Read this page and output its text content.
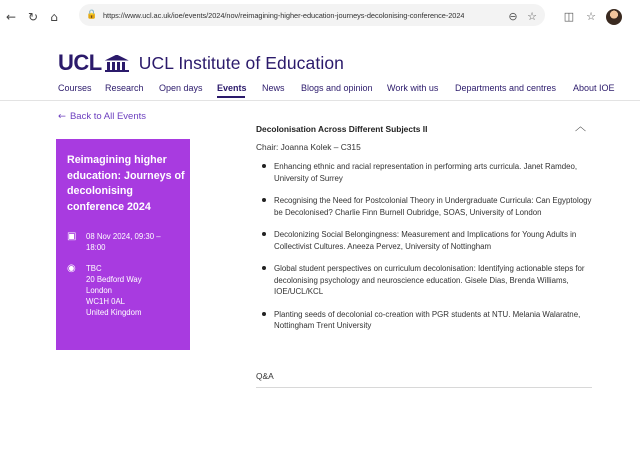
← ↻ ⌂	🔒 https://www.ucl.ac.uk/ioe/events/2024/nov/reimagining-higher-education-journeys-decolonising-conference-2024	⊖ ☆ ◫ ☆
UCL UCL Institute of Education
Courses Research Open days Events News Blogs and opinion Work with us Departments and centres About IOE
← Back to All Events
Reimagining higher education: Journeys of decolonising conference 2024
▣	08 Nov 2024, 09:30 – 18:00
◉	TBC
20 Bedford Way
London
WC1H 0AL
United Kingdom
Decolonisation Across Different Subjects II	︿
Chair: Joanna Kolek – C315
Enhancing ethnic and racial representation in performing arts curricula. Janet Ramdeo, University of Surrey
Recognising the Need for Postcolonial Theory in Undergraduate Curricula: Can Egyptology be Decolonised? Charlie Finn Burnell Oubridge, SOAS, University of London
Decolonizing Social Belongingness: Measurement and Implications for Young Adults in Collectivist Cultures. Aneeza Pervez, University of Nottingham
Global student perspectives on curriculum decolonisation: Identifying actionable steps for decolonising psychology and neuroscience education. Gisele Dias, Brenda Williams, IOE/UCL/KCL
Planting seeds of decolonial co-creation with PGR students at NTU. Melania Walaratne, Nottingham Trent University
Q&A
